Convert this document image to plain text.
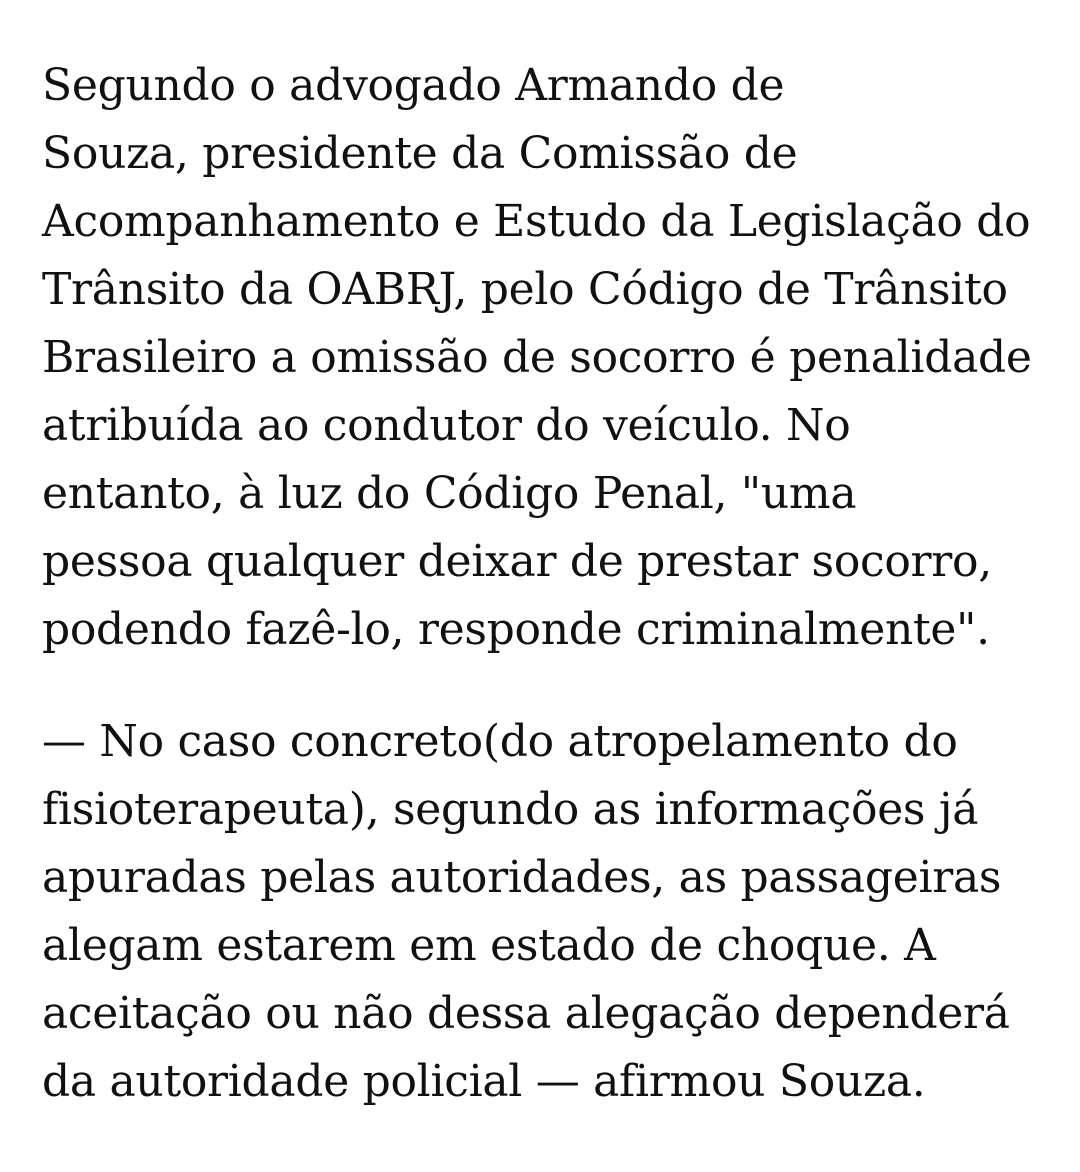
Segundo o advogado Armando de
Souza, presidente da Comissão de
Acompanhamento e Estudo da Legislação do
Trânsito da OABRJ, pelo Código de Trânsito
Brasileiro a omissão de socorro é penalidade
atribuída ao condutor do veículo. No
entanto, à luz do Código Penal, "uma
pessoa qualquer deixar de prestar socorro,
podendo fazê-lo, responde criminalmente".

— No caso concreto(do atropelamento do
fisioterapeuta), segundo as informações já
apuradas pelas autoridades, as passageiras
alegam estarem em estado de choque. A
aceitação ou não dessa alegação dependerá
da autoridade policial — afirmou Souza.
